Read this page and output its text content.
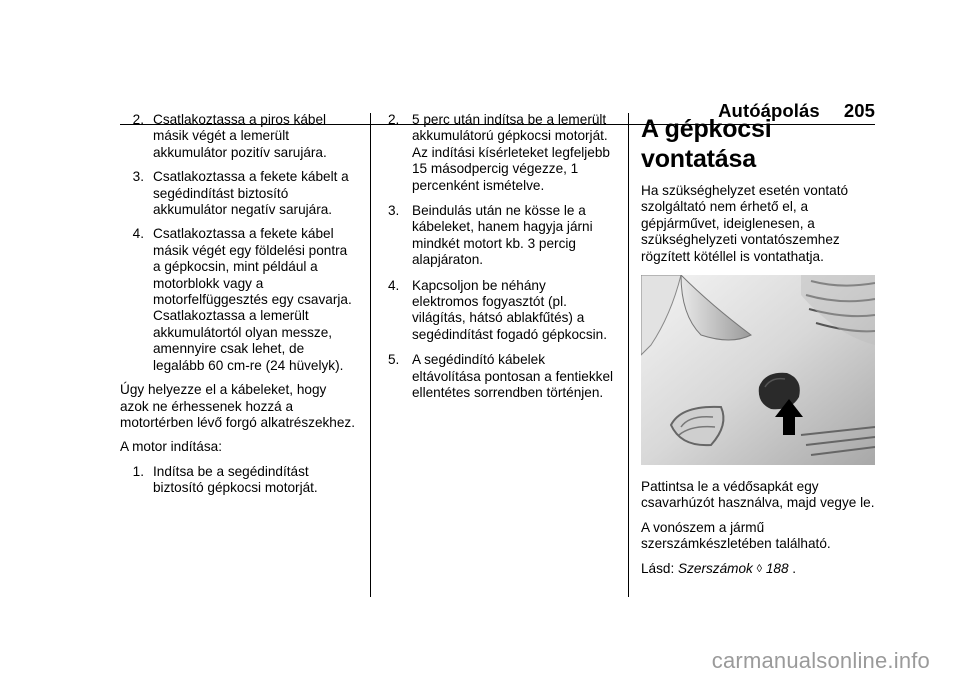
Autóápolás 205
2. Csatlakoztassa a piros kábel másik végét a lemerült akkumulátor pozitív sarujára.
3. Csatlakoztassa a fekete kábelt a segédindítást biztosító akkumulátor negatív sarujára.
4. Csatlakoztassa a fekete kábel másik végét egy földelési pontra a gépkocsin, mint például a motorblokk vagy a motorfelfüggesztés egy csavarja. Csatlakoztassa a lemerült akkumulátortól olyan messze, amennyire csak lehet, de legalább 60 cm-re (24 hüvelyk).

Úgy helyezze el a kábeleket, hogy azok ne érhessenek hozzá a motortérben lévő forgó alkatrészekhez.

A motor indítása:

1. Indítsa be a segédindítást biztosító gépkocsi motorját.
2. 5 perc után indítsa be a lemerült akkumulátorú gépkocsi motorját. Az indítási kísérleteket legfeljebb 15 másodpercig végezze, 1 percenként ismételve.
3. Beindulás után ne kösse le a kábeleket, hanem hagyja járni mindkét motort kb. 3 percig alapjáraton.
4. Kapcsoljon be néhány elektromos fogyasztót (pl. világítás, hátsó ablakfűtés) a segédindítást fogadó gépkocsin.
5. A segédindító kábelek eltávolítása pontosan a fentiekkel ellentétes sorrendben történjen.
A gépkocsi vontatása

Ha szükséghelyzet esetén vontató szolgáltató nem érhető el, a gépjárművet, ideiglenesen, a szükséghelyzeti vontatószemhez rögzített kötéllel is vontathatja.

Pattintsa le a védősapkát egy csavarhúzót használva, majd vegye le.

A vonószem a jármű szerszámkészletében található.

Lásd: Szerszámok ◊ 188 .

carmanualsonline.info
